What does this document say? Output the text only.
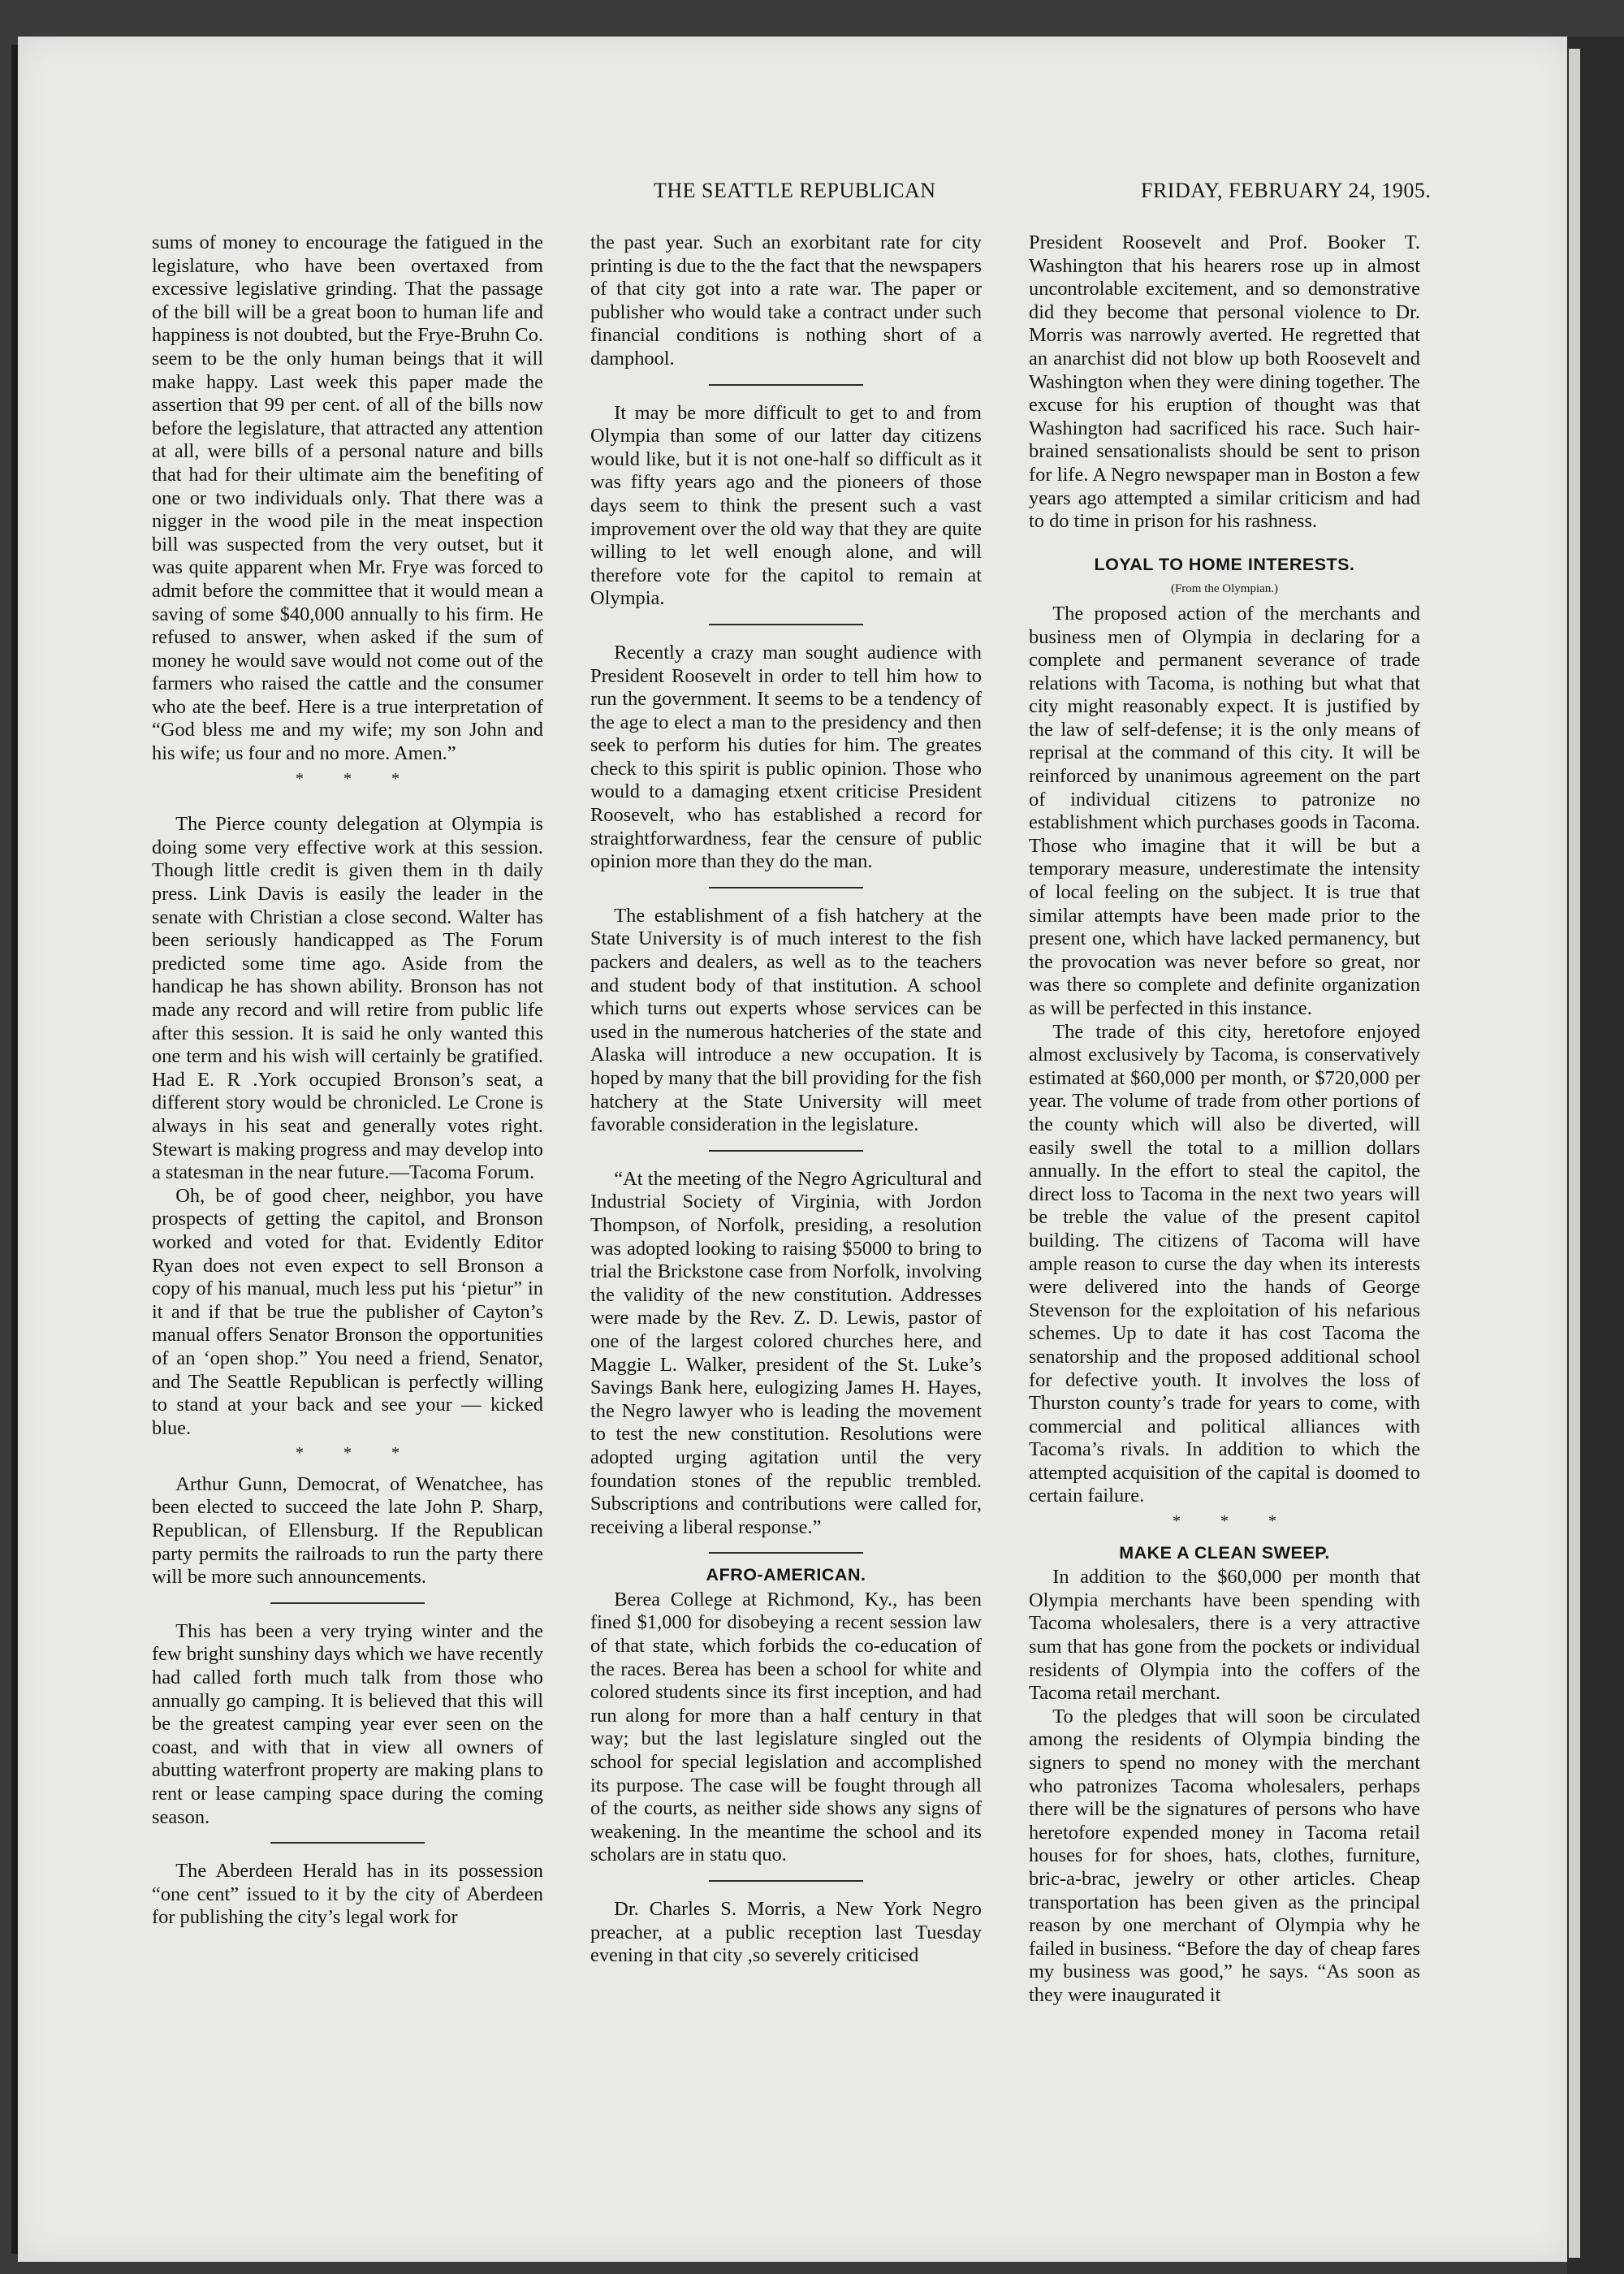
THE SEATTLE REPUBLICAN	FRIDAY, FEBRUARY 24, 1905.

sums of money to encourage the fatigued in the legislature, who have been overtaxed from excessive legislative grinding. That the passage of the bill will be a great boon to human life and happiness is not doubted, but the Frye-Bruhn Co. seem to be the only human beings that it will make happy. Last week this paper made the assertion that 99 per cent. of all of the bills now before the legislature, that attracted any attention at all, were bills of a personal nature and bills that had for their ultimate aim the benefiting of one or two individuals only. That there was a nigger in the wood pile in the meat inspection bill was suspected from the very outset, but it was quite apparent when Mr. Frye was forced to admit before the committee that it would mean a saving of some $40,000 annually to his firm. He refused to answer, when asked if the sum of money he would save would not come out of the farmers who raised the cattle and the consumer who ate the beef. Here is a true interpretation of “God bless me and my wife; my son John and his wife; us four and no more. Amen.”

* * *

The Pierce county delegation at Olympia is doing some very effective work at this session. Though little credit is given them in th daily press. Link Davis is easily the leader in the senate with Christian a close second. Walter has been seriously handicapped as The Forum predicted some time ago. Aside from the handicap he has shown ability. Bronson has not made any record and will retire from public life after this session. It is said he only wanted this one term and his wish will certainly be gratified. Had E. R .York occupied Bronson’s seat, a different story would be chronicled. Le Crone is always in his seat and generally votes right. Stewart is making progress and may develop into a statesman in the near future.—Tacoma Forum.

Oh, be of good cheer, neighbor, you have prospects of getting the capitol, and Bronson worked and voted for that. Evidently Editor Ryan does not even expect to sell Bronson a copy of his manual, much less put his ‘pietur” in it and if that be true the publisher of Cayton’s manual offers Senator Bronson the opportunities of an ‘open shop.” You need a friend, Senator, and The Seattle Republican is perfectly willing to stand at your back and see your — kicked blue.

* * *

Arthur Gunn, Democrat, of Wenatchee, has been elected to succeed the late John P. Sharp, Republican, of Ellensburg. If the Republican party permits the railroads to run the party there will be more such announcements.

This has been a very trying winter and the few bright sunshiny days which we have recently had called forth much talk from those who annually go camping. It is believed that this will be the greatest camping year ever seen on the coast, and with that in view all owners of abutting waterfront property are making plans to rent or lease camping space during the coming season.

The Aberdeen Herald has in its possession “one cent” issued to it by the city of Aberdeen for publishing the city’s legal work for

the past year. Such an exorbitant rate for city printing is due to the the fact that the newspapers of that city got into a rate war. The paper or publisher who would take a contract under such financial conditions is nothing short of a damphool.

It may be more difficult to get to and from Olympia than some of our latter day citizens would like, but it is not one-half so difficult as it was fifty years ago and the pioneers of those days seem to think the present such a vast improvement over the old way that they are quite willing to let well enough alone, and will therefore vote for the capitol to remain at Olympia.

Recently a crazy man sought audience with President Roosevelt in order to tell him how to run the government. It seems to be a tendency of the age to elect a man to the presidency and then seek to perform his duties for him. The greates check to this spirit is public opinion. Those who would to a damaging etxent criticise President Roosevelt, who has established a record for straightforwardness, fear the censure of public opinion more than they do the man.

The establishment of a fish hatchery at the State University is of much interest to the fish packers and dealers, as well as to the teachers and student body of that institution. A school which turns out experts whose services can be used in the numerous hatcheries of the state and Alaska will introduce a new occupation. It is hoped by many that the bill providing for the fish hatchery at the State University will meet favorable consideration in the legislature.

“At the meeting of the Negro Agricultural and Industrial Society of Virginia, with Jordon Thompson, of Norfolk, presiding, a resolution was adopted looking to raising $5000 to bring to trial the Brickstone case from Norfolk, involving the validity of the new constitution. Addresses were made by the Rev. Z. D. Lewis, pastor of one of the largest colored churches here, and Maggie L. Walker, president of the St. Luke’s Savings Bank here, eulogizing James H. Hayes, the Negro lawyer who is leading the movement to test the new constitution. Resolutions were adopted urging agitation until the very foundation stones of the republic trembled. Subscriptions and contributions were called for, receiving a liberal response.”

AFRO-AMERICAN.

Berea College at Richmond, Ky., has been fined $1,000 for disobeying a recent session law of that state, which forbids the co-education of the races. Berea has been a school for white and colored students since its first inception, and had run along for more than a half century in that way; but the last legislature singled out the school for special legislation and accomplished its purpose. The case will be fought through all of the courts, as neither side shows any signs of weakening. In the meantime the school and its scholars are in statu quo.

Dr. Charles S. Morris, a New York Negro preacher, at a public reception last Tuesday evening in that city ,so severely criticised

President Roosevelt and Prof. Booker T. Washington that his hearers rose up in almost uncontrolable excitement, and so demonstrative did they become that personal violence to Dr. Morris was narrowly averted. He regretted that an anarchist did not blow up both Roosevelt and Washington when they were dining together. The excuse for his eruption of thought was that Washington had sacrificed his race. Such hair-brained sensationalists should be sent to prison for life. A Negro newspaper man in Boston a few years ago attempted a similar criticism and had to do time in prison for his rashness.

LOYAL TO HOME INTERESTS.

(From the Olympian.)

The proposed action of the merchants and business men of Olympia in declaring for a complete and permanent severance of trade relations with Tacoma, is nothing but what that city might reasonably expect. It is justified by the law of self-defense; it is the only means of reprisal at the command of this city. It will be reinforced by unanimous agreement on the part of individual citizens to patronize no establishment which purchases goods in Tacoma. Those who imagine that it will be but a temporary measure, underestimate the intensity of local feeling on the subject. It is true that similar attempts have been made prior to the present one, which have lacked permanency, but the provocation was never before so great, nor was there so complete and definite organization as will be perfected in this instance.

The trade of this city, heretofore enjoyed almost exclusively by Tacoma, is conservatively estimated at $60,000 per month, or $720,000 per year. The volume of trade from other portions of the county which will also be diverted, will easily swell the total to a million dollars annually. In the effort to steal the capitol, the direct loss to Tacoma in the next two years will be treble the value of the present capitol building. The citizens of Tacoma will have ample reason to curse the day when its interests were delivered into the hands of George Stevenson for the exploitation of his nefarious schemes. Up to date it has cost Tacoma the senatorship and the proposed additional school for defective youth. It involves the loss of Thurston county’s trade for years to come, with commercial and political alliances with Tacoma’s rivals. In addition to which the attempted acquisition of the capital is doomed to certain failure.

* * *

MAKE A CLEAN SWEEP.

In addition to the $60,000 per month that Olympia merchants have been spending with Tacoma wholesalers, there is a very attractive sum that has gone from the pockets or individual residents of Olympia into the coffers of the Tacoma retail merchant.

To the pledges that will soon be circulated among the residents of Olympia binding the signers to spend no money with the merchant who patronizes Tacoma wholesalers, perhaps there will be the signatures of persons who have heretofore expended money in Tacoma retail houses for for shoes, hats, clothes, furniture, bric-a-brac, jewelry or other articles. Cheap transportation has been given as the principal reason by one merchant of Olympia why he failed in business. “Before the day of cheap fares my business was good,” he says. “As soon as they were inaugurated it
